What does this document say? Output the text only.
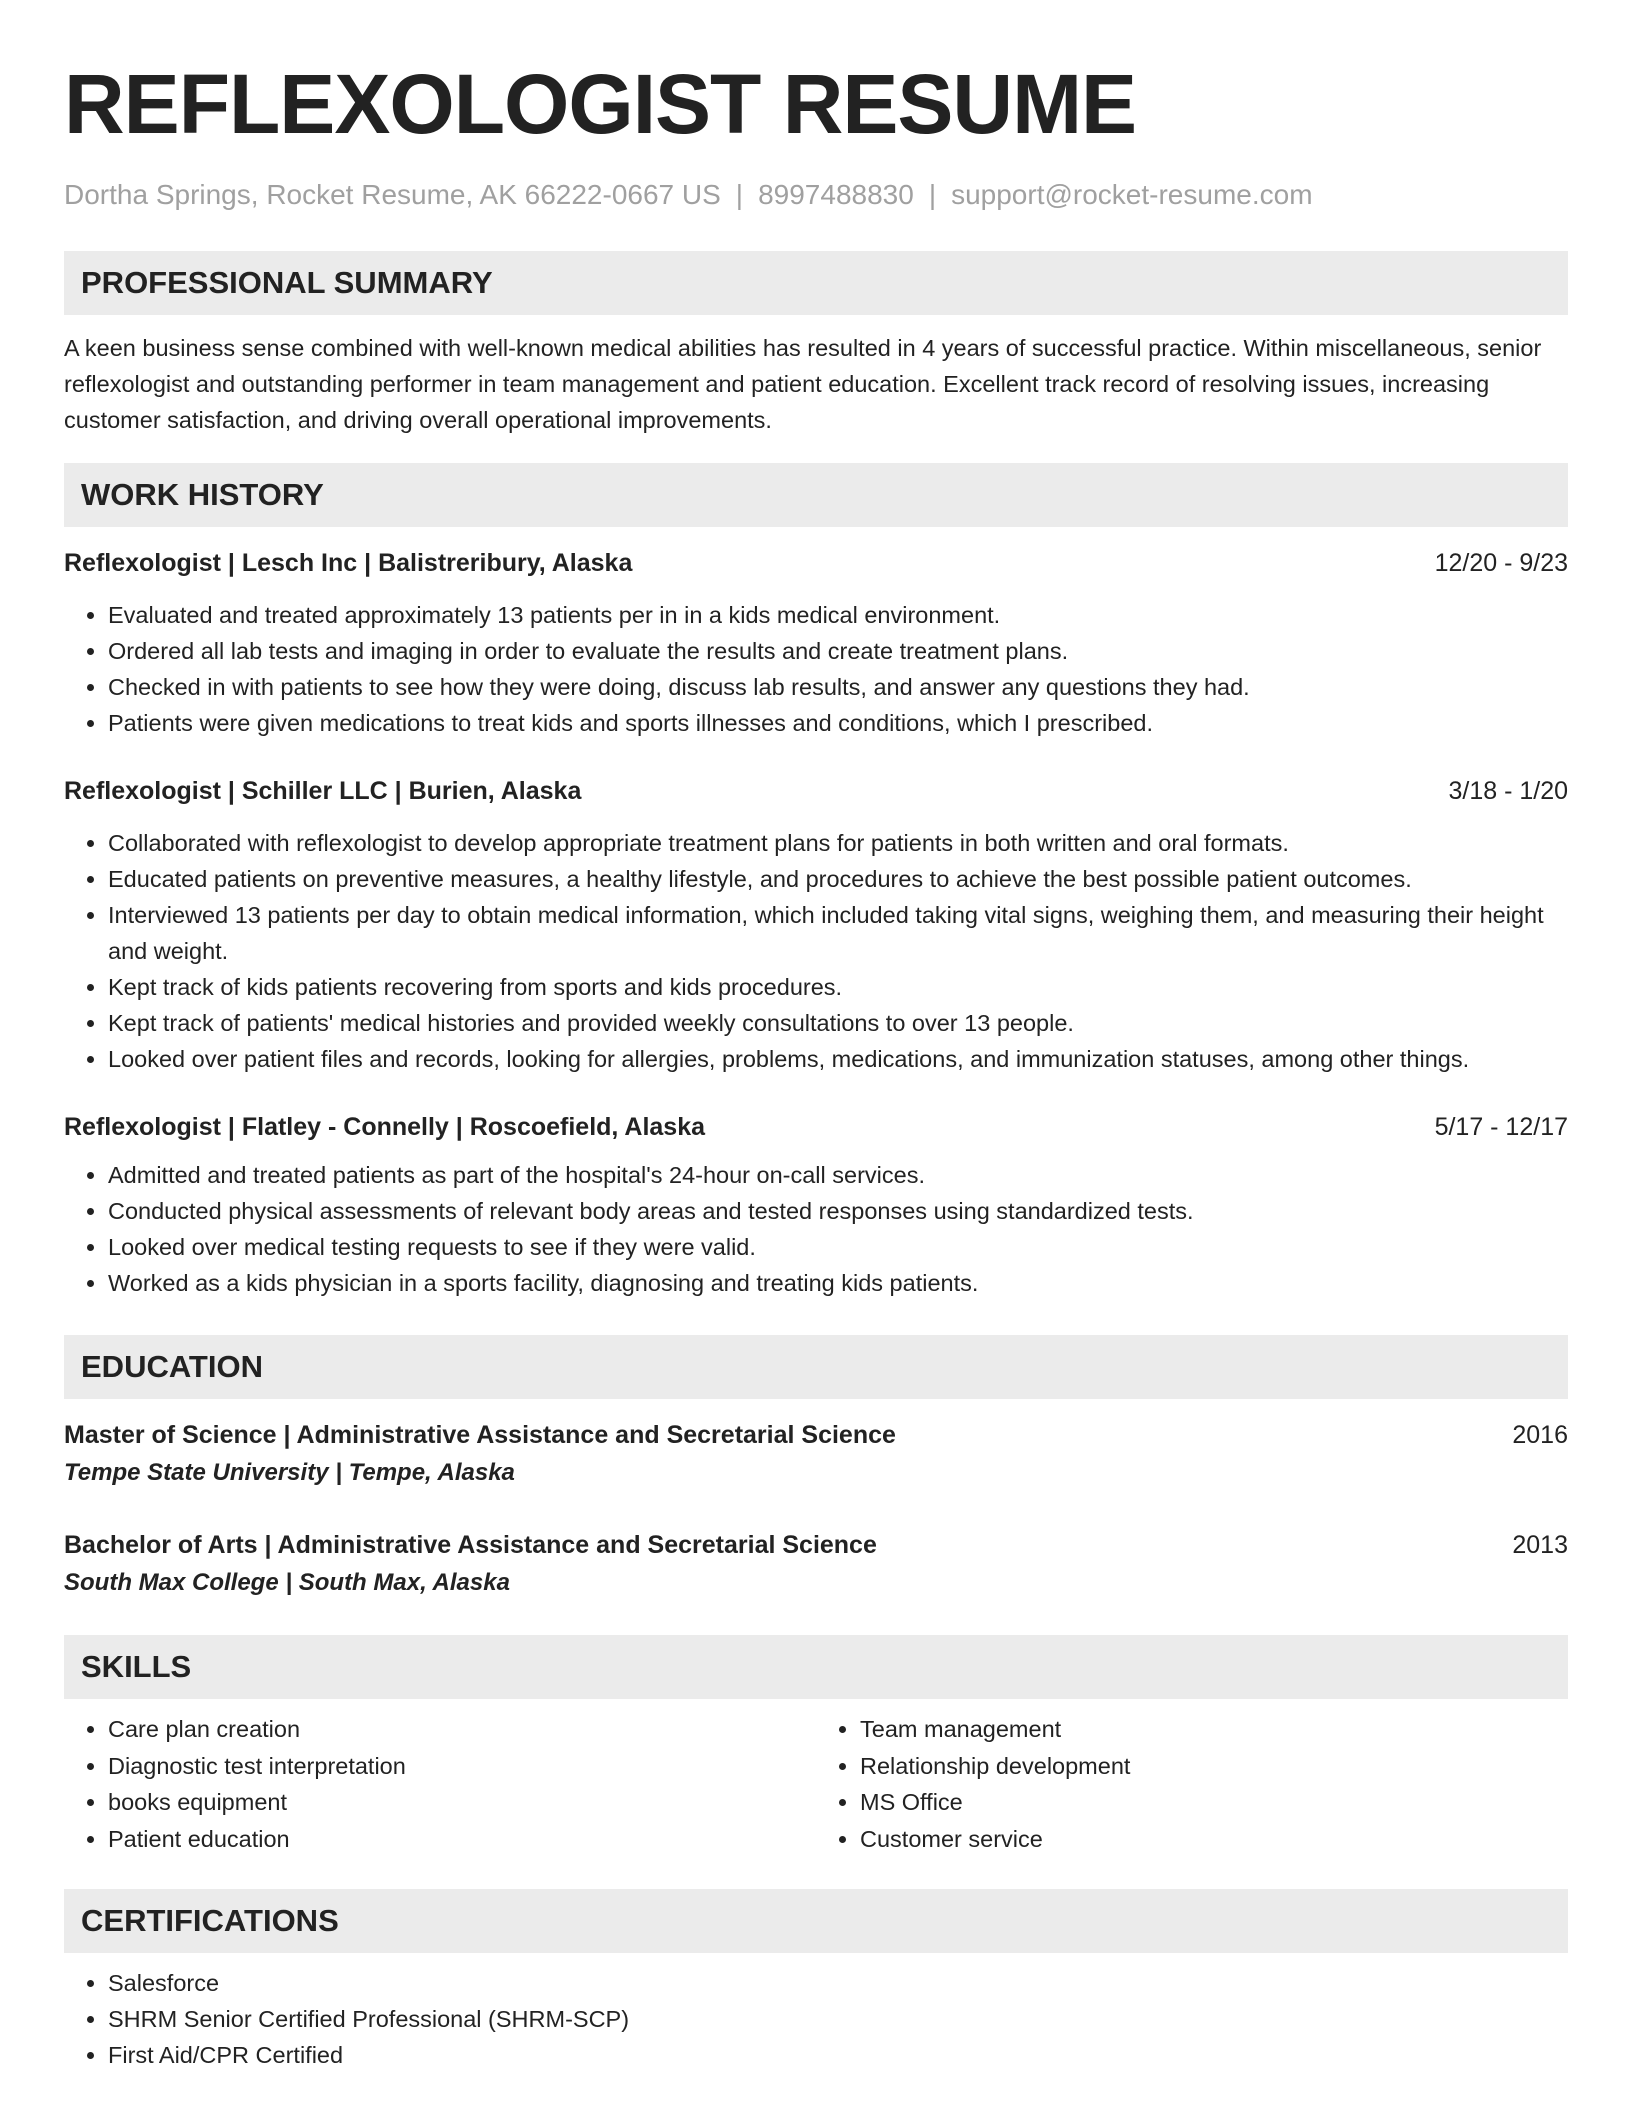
REFLEXOLOGIST RESUME
Dortha Springs, Rocket Resume, AK 66222-0667 US | 8997488830 | support@rocket-resume.com
PROFESSIONAL SUMMARY
A keen business sense combined with well-known medical abilities has resulted in 4 years of successful practice. Within miscellaneous, senior reflexologist and outstanding performer in team management and patient education. Excellent track record of resolving issues, increasing customer satisfaction, and driving overall operational improvements.
WORK HISTORY
Reflexologist | Lesch Inc | Balistreribury, Alaska	12/20 - 9/23
• Evaluated and treated approximately 13 patients per in in a kids medical environment.
• Ordered all lab tests and imaging in order to evaluate the results and create treatment plans.
• Checked in with patients to see how they were doing, discuss lab results, and answer any questions they had.
• Patients were given medications to treat kids and sports illnesses and conditions, which I prescribed.
Reflexologist | Schiller LLC | Burien, Alaska	3/18 - 1/20
• Collaborated with reflexologist to develop appropriate treatment plans for patients in both written and oral formats.
• Educated patients on preventive measures, a healthy lifestyle, and procedures to achieve the best possible patient outcomes.
• Interviewed 13 patients per day to obtain medical information, which included taking vital signs, weighing them, and measuring their height and weight.
• Kept track of kids patients recovering from sports and kids procedures.
• Kept track of patients' medical histories and provided weekly consultations to over 13 people.
• Looked over patient files and records, looking for allergies, problems, medications, and immunization statuses, among other things.
Reflexologist | Flatley - Connelly | Roscoefield, Alaska	5/17 - 12/17
• Admitted and treated patients as part of the hospital's 24-hour on-call services.
• Conducted physical assessments of relevant body areas and tested responses using standardized tests.
• Looked over medical testing requests to see if they were valid.
• Worked as a kids physician in a sports facility, diagnosing and treating kids patients.
EDUCATION
Master of Science | Administrative Assistance and Secretarial Science	2016
Tempe State University | Tempe, Alaska
Bachelor of Arts | Administrative Assistance and Secretarial Science	2013
South Max College | South Max, Alaska
SKILLS
• Care plan creation
• Diagnostic test interpretation
• books equipment
• Patient education
• Team management
• Relationship development
• MS Office
• Customer service
CERTIFICATIONS
• Salesforce
• SHRM Senior Certified Professional (SHRM-SCP)
• First Aid/CPR Certified
